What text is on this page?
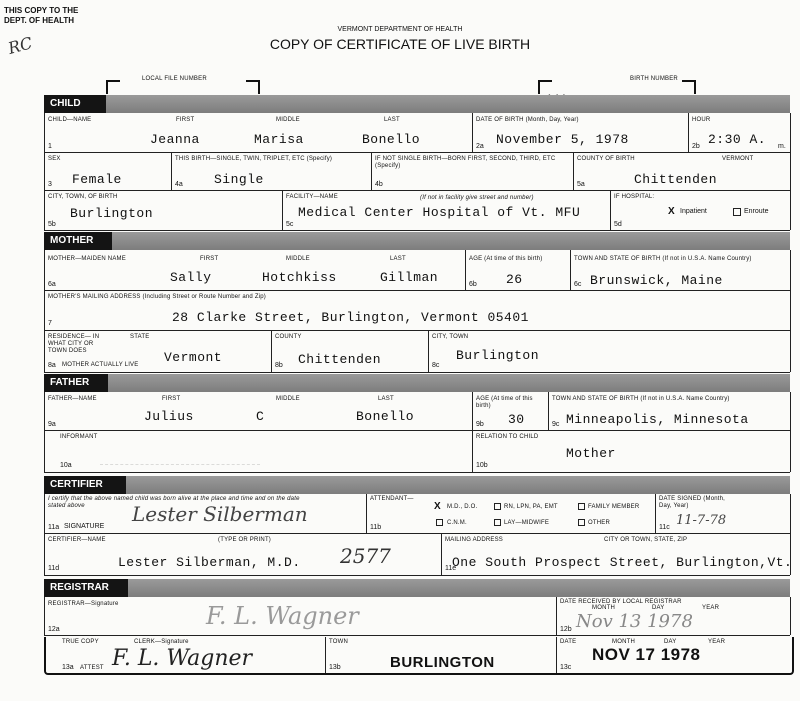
THIS COPY TO THE DEPT. OF HEALTH
RC
VERMONT DEPARTMENT OF HEALTH
COPY OF CERTIFICATE OF LIVE BIRTH
LOCAL FILE NUMBER	BIRTH NUMBER
CHILD
CHILD—NAME	FIRST	MIDDLE	LAST
Jeanna	Marisa	Bonello
1
DATE OF BIRTH (Month, Day, Year)
2a November 5, 1978
HOUR
2b 2:30 A. m.
SEX
3 Female
THIS BIRTH—SINGLE, TWIN, TRIPLET, ETC (Specify)
4a Single
IF NOT SINGLE BIRTH—BORN FIRST, SECOND, THIRD, ETC (Specify)
4b
COUNTY OF BIRTH	VERMONT
5a	Chittenden
CITY, TOWN, OF BIRTH
5b
Burlington
FACILITY—NAME	(If not in facility give street and number)
5c
Medical Center Hospital of Vt. MFU
IF HOSPITAL:
5d
X Inpatient	Enroute
MOTHER
MOTHER—MAIDEN NAME	FIRST	MIDDLE	LAST
Sally	Hotchkiss	Gillman
6a
AGE (At time of this birth)
6b 26
TOWN AND STATE OF BIRTH (If not in U.S.A. Name Country)
6c Brunswick, Maine
MOTHER'S MAILING ADDRESS (Including Street or Route Number and Zip)
7	28 Clarke Street, Burlington, Vermont 05401
RESIDENCE— IN WHAT CITY OR TOWN DOES
8a MOTHER ACTUALLY LIVE
STATE
Vermont
COUNTY
8b Chittenden
CITY, TOWN
8c
Burlington
FATHER
FATHER—NAME	FIRST	MIDDLE	LAST
Julius	C	Bonello
9a
AGE (At time of this birth)
9b 30
TOWN AND STATE OF BIRTH (If not in U.S.A. Name Country)
9c Minneapolis, Minnesota
INFORMANT
10a
RELATION TO CHILD
10b
Mother
CERTIFIER
I certify that the above named child was born alive at the place and time and on the date stated above
11a SIGNATURE
Lester Silberman
ATTENDANT—
11b
X M.D., D.O.	RN, LPN, PA, EMT	FAMILY MEMBER
C.N.M.	LAY—MIDWIFE	OTHER
DATE SIGNED (Month, Day, Year)
11c 11-7-78
CERTIFIER—NAME	(TYPE OR PRINT)
11d	Lester Silberman, M.D. 2577
MAILING ADDRESS	CITY OR TOWN, STATE, ZIP
11e
One South Prospect Street, Burlington,Vt.
REGISTRAR
REGISTRAR—Signature
12a	F. L. Wagner	DATE RECEIVED BY LOCAL REGISTRAR
MONTH	DAY	YEAR
12b Nov 13 1978
TRUE COPY	CLERK—Signature
13a ATTEST F. L. Wagner
TOWN
13b	BURLINGTON
DATE	MONTH	DAY	YEAR
13c
NOV 17 1978
